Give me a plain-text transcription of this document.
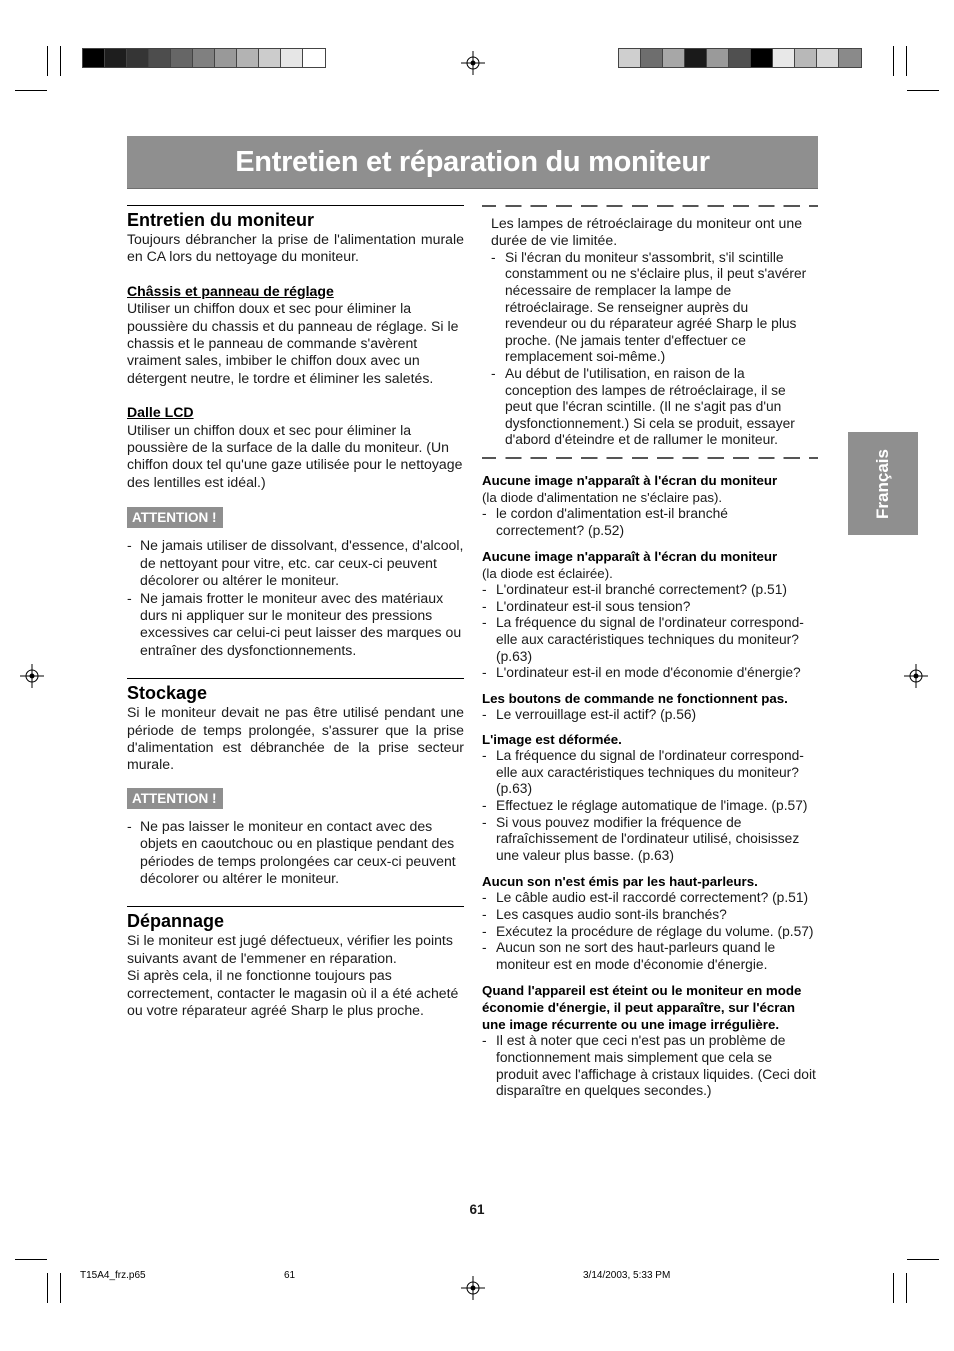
Entretien et réparation du moniteur
Français
Entretien du moniteur

Toujours débrancher la prise de l'alimentation murale en CA lors du nettoyage du moniteur.

Châssis et panneau de réglage

Utiliser un chiffon doux et sec pour éliminer la poussière du chassis et du panneau de réglage. Si le chassis et le panneau de commande s'avèrent vraiment sales, imbiber le chiffon doux avec un détergent neutre, le tordre et éliminer les saletés.

Dalle LCD

Utiliser un chiffon doux et sec pour éliminer la poussière de la surface de la dalle du moniteur. (Un chiffon doux tel qu'une gaze utilisée pour le nettoyage des lentilles est idéal.)

ATTENTION !
- Ne jamais utiliser de dissolvant, d'essence, d'alcool, de nettoyant pour vitre, etc. car ceux-ci peuvent décolorer ou altérer le moniteur.
- Ne jamais frotter le moniteur avec des matériaux durs ni appliquer sur le moniteur des pressions excessives car celui-ci peut laisser des marques ou entraîner des dysfonctionnements.
Stockage

Si le moniteur devait ne pas être utilisé pendant une période de temps prolongée, s'assurer que la prise d'alimentation est débranchée de la prise secteur murale.

ATTENTION !
- Ne pas laisser le moniteur en contact avec des objets en caoutchouc ou en plastique pendant des périodes de temps prolongées car ceux-ci peuvent décolorer ou altérer le moniteur.
Dépannage

Si le moniteur est jugé défectueux, vérifier les points suivants avant de l'emmener en réparation.

Si après cela, il ne fonctionne toujours pas correctement, contacter le magasin où il a été acheté ou votre réparateur agréé Sharp le plus proche.

Les lampes de rétroéclairage du moniteur ont une durée de vie limitée.

- Si l'écran du moniteur s'assombrit, s'il scintille constamment ou ne s'éclaire plus, il peut s'avérer nécessaire de remplacer la lampe de rétroéclairage. Se renseigner auprès du revendeur ou du réparateur agréé Sharp le plus proche. (Ne jamais tenter d'effectuer ce remplacement soi-même.)
- Au début de l'utilisation, en raison de la conception des lampes de rétroéclairage, il se peut que l'écran scintille. (Il ne s'agit pas d'un dysfonctionnement.) Si cela se produit, essayer d'abord d'éteindre et de rallumer le moniteur.

Aucune image n'apparaît à l'écran du moniteur

(la diode d'alimentation ne s'éclaire pas).

- le cordon d'alimentation est-il branché correctement? (p.52)

Aucune image n'apparaît à l'écran du moniteur

(la diode est éclairée).

- L'ordinateur est-il branché correctement? (p.51)
- L'ordinateur est-il sous tension?
- La fréquence du signal de l'ordinateur correspond-elle aux caractéristiques techniques du moniteur? (p.63)
- L'ordinateur est-il en mode d'économie d'énergie?

Les boutons de commande ne fonctionnent pas.

- Le verrouillage est-il actif? (p.56)

L'image est déformée.

- La fréquence du signal de l'ordinateur correspond-elle aux caractéristiques techniques du moniteur? (p.63)
- Effectuez le réglage automatique de l'image. (p.57)
- Si vous pouvez modifier la fréquence de rafraîchissement de l'ordinateur utilisé, choisissez une valeur plus basse. (p.63)

Aucun son n'est émis par les haut-parleurs.

- Le câble audio est-il raccordé correctement? (p.51)
- Les casques audio sont-ils branchés?
- Exécutez la procédure de réglage du volume. (p.57)
- Aucun son ne sort des haut-parleurs quand le moniteur est en mode d'économie d'énergie.

Quand l'appareil est éteint ou le moniteur en mode économie d'énergie, il peut apparaître, sur l'écran une image récurrente ou une image irrégulière.

- Il est à noter que ceci n'est pas un problème de fonctionnement mais simplement que cela se produit avec l'affichage à cristaux liquides. (Ceci doit disparaître en quelques secondes.)
61
T15A4_frz.p65	61	3/14/2003, 5:33 PM
